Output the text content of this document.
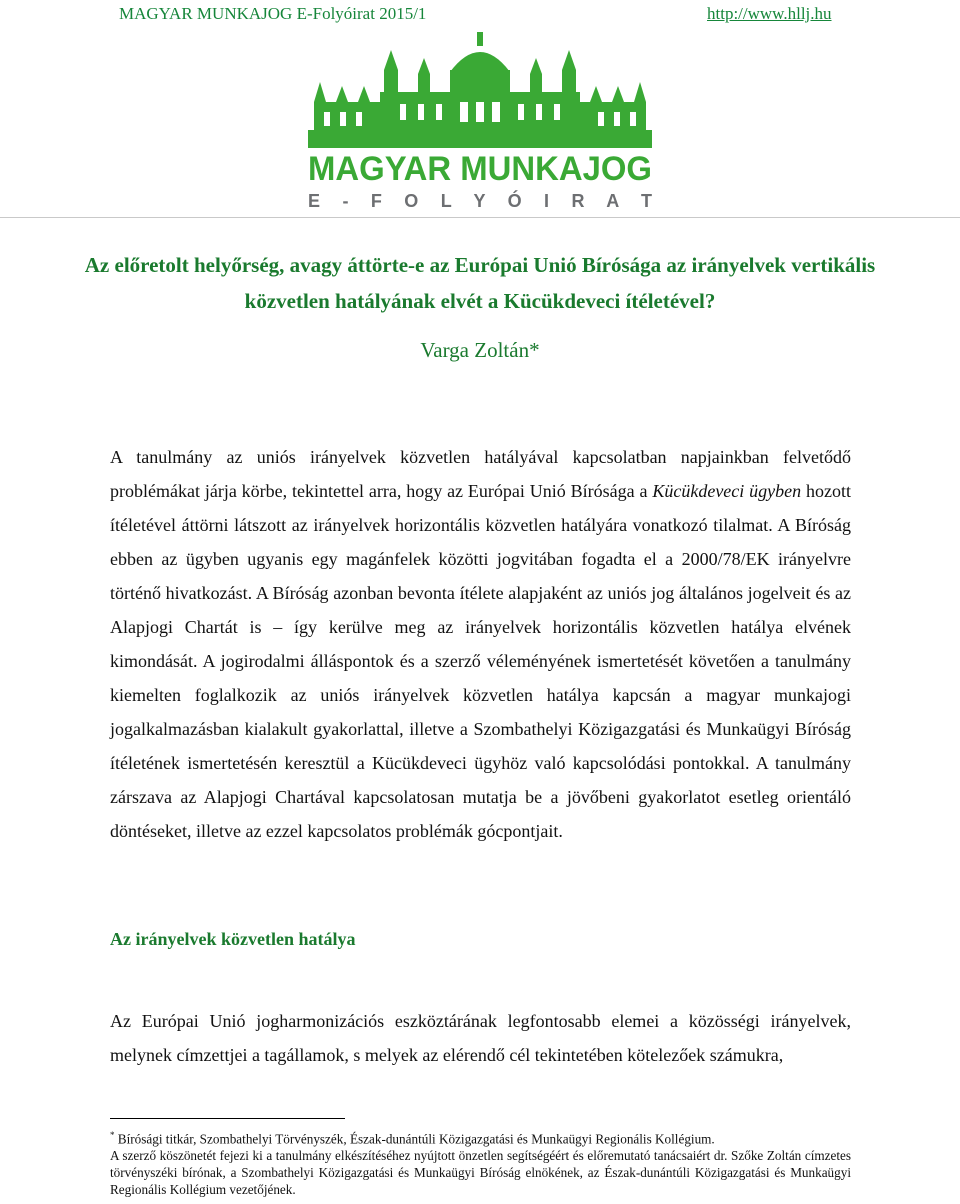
MAGYAR MUNKAJOG E-Folyóirat 2015/1	http://www.hllj.hu
MAGYAR MUNKAJOG
E - F O L Y Ó I R A T
Az előretolt helyőrség, avagy áttörte-e az Európai Unió Bírósága az irányelvek vertikális közvetlen hatályának elvét a Kücükdeveci ítéletével?
Varga Zoltán*

A tanulmány az uniós irányelvek közvetlen hatályával kapcsolatban napjainkban felvetődő problémákat járja körbe, tekintettel arra, hogy az Európai Unió Bírósága a Kücükdeveci ügyben hozott ítéletével áttörni látszott az irányelvek horizontális közvetlen hatályára vonatkozó tilalmat. A Bíróság ebben az ügyben ugyanis egy magánfelek közötti jogvitában fogadta el a 2000/78/EK irányelvre történő hivatkozást. A Bíróság azonban bevonta ítélete alapjaként az uniós jog általános jogelveit és az Alapjogi Chartát is – így kerülve meg az irányelvek horizontális közvetlen hatálya elvének kimondását. A jogirodalmi álláspontok és a szerző véleményének ismertetését követően a tanulmány kiemelten foglalkozik az uniós irányelvek közvetlen hatálya kapcsán a magyar munkajogi jogalkalmazásban kialakult gyakorlattal, illetve a Szombathelyi Közigazgatási és Munkaügyi Bíróság ítéletének ismertetésén keresztül a Kücükdeveci ügyhöz való kapcsolódási pontokkal. A tanulmány zárszava az Alapjogi Chartával kapcsolatosan mutatja be a jövőbeni gyakorlatot esetleg orientáló döntéseket, illetve az ezzel kapcsolatos problémák gócpontjait.

Az irányelvek közvetlen hatálya

Az Európai Unió jogharmonizációs eszköztárának legfontosabb elemei a közösségi irányelvek, melynek címzettjei a tagállamok, s melyek az elérendő cél tekintetében kötelezőek számukra,

* Bírósági titkár, Szombathelyi Törvényszék, Észak-dunántúli Közigazgatási és Munkaügyi Regionális Kollégium.

A szerző köszönetét fejezi ki a tanulmány elkészítéséhez nyújtott önzetlen segítségéért és előremutató tanácsaiért dr. Szőke Zoltán címzetes törvényszéki bírónak, a Szombathelyi Közigazgatási és Munkaügyi Bíróság elnökének, az Észak-dunántúli Közigazgatási és Munkaügyi Regionális Kollégium vezetőjének.
